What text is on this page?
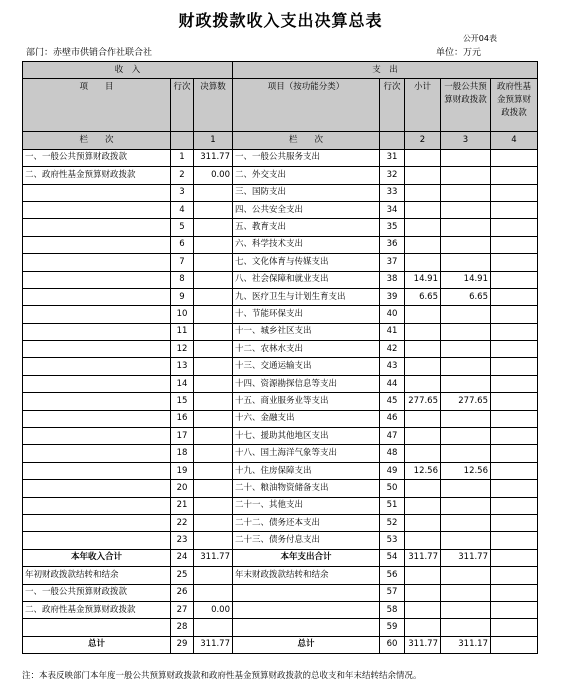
财政拨款收入支出决算总表
公开04表
部门：赤壁市供销合作社联合社	单位：万元
收　入			支　出				
项　　目	行次	决算数	项目（按功能分类）	行次	小计	一般公共预算财政拨款	政府性基金预算财政拨款
栏　　次		1	栏　　次		2	3	4
一、一般公共预算财政拨款	1	311.77	一、一般公共服务支出	31			
二、政府性基金预算财政拨款	2	0.00	二、外交支出	32			
	3		三、国防支出	33			
	4		四、公共安全支出	34			
	5		五、教育支出	35			
	6		六、科学技术支出	36			
	7		七、文化体育与传媒支出	37			
	8		八、社会保障和就业支出	38	14.91	14.91	
	9		九、医疗卫生与计划生育支出	39	6.65	6.65	
	10		十、节能环保支出	40			
	11		十一、城乡社区支出	41			
	12		十二、农林水支出	42			
	13		十三、交通运输支出	43			
	14		十四、资源勘探信息等支出	44			
	15		十五、商业服务业等支出	45	277.65	277.65	
	16		十六、金融支出	46			
	17		十七、援助其他地区支出	47			
	18		十八、国土海洋气象等支出	48			
	19		十九、住房保障支出	49	12.56	12.56	
	20		二十、粮油物资储备支出	50			
	21		二十一、其他支出	51			
	22		二十二、债务还本支出	52			
	23		二十三、债务付息支出	53			
本年收入合计	24	311.77	本年支出合计	54	311.77	311.77	
年初财政拨款结转和结余	25		年末财政拨款结转和结余	56			
一、一般公共预算财政拨款	26			57			
二、政府性基金预算财政拨款	27	0.00		58			
	28			59			
总计	29	311.77	总计	60	311.77	311.17	
注：本表反映部门本年度一般公共预算财政拨款和政府性基金预算财政拨款的总收支和年末结转结余情况。
